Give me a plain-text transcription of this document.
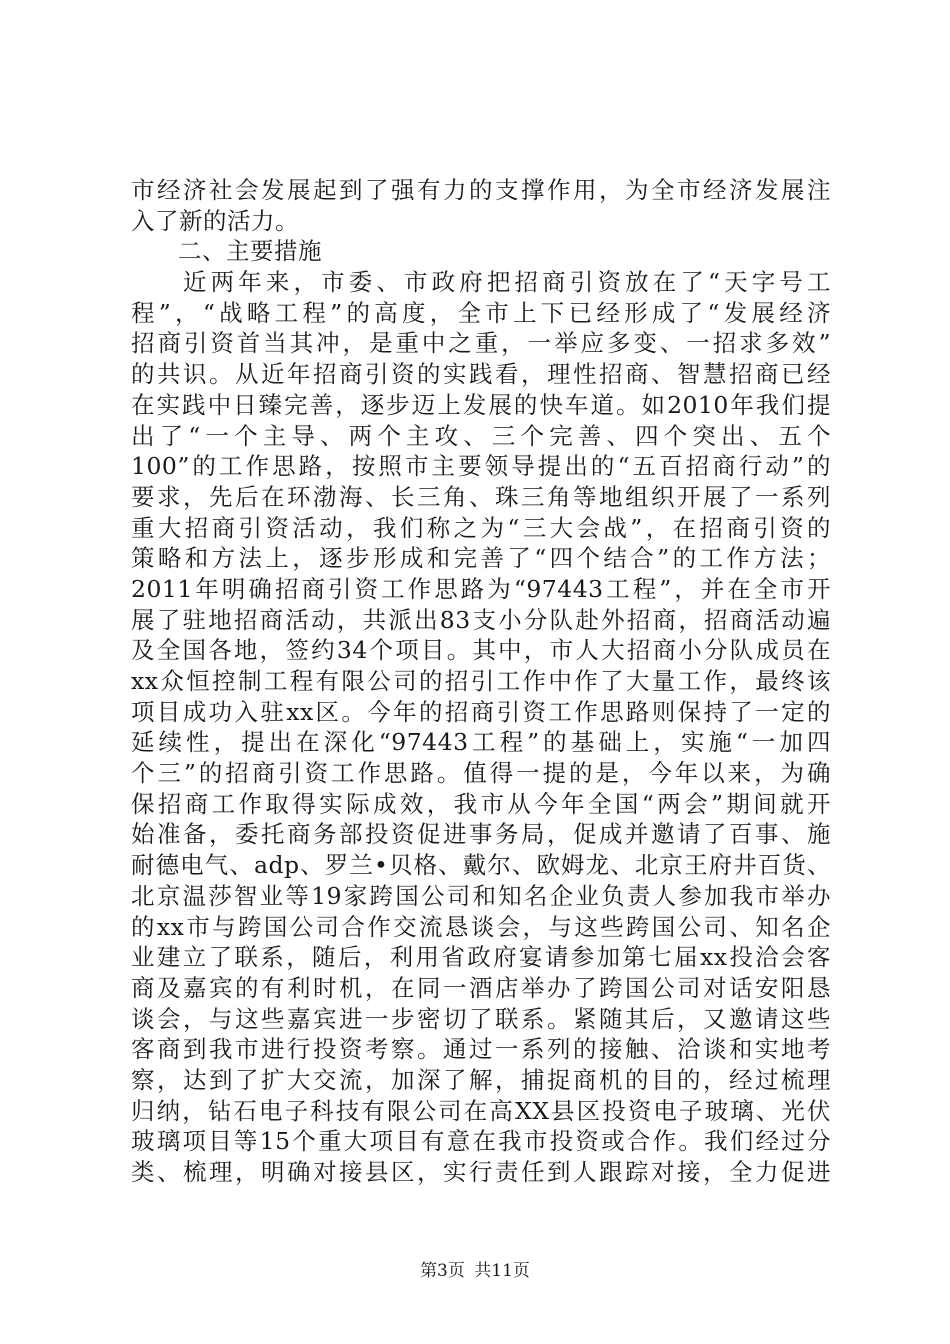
市经济社会发展起到了强有力的支撑作用，为全市经济发展注
入了新的活力。
二、主要措施
近两年来，市委、市政府把招商引资放在了“天字号工
程”，“战略工程”的高度，全市上下已经形成了“发展经济
招商引资首当其冲，是重中之重，一举应多变、一招求多效”
的共识。从近年招商引资的实践看，理性招商、智慧招商已经
在实践中日臻完善，逐步迈上发展的快车道。如2010年我们提
出了“一个主导、两个主攻、三个完善、四个突出、五个
100”的工作思路，按照市主要领导提出的“五百招商行动”的
要求，先后在环渤海、长三角、珠三角等地组织开展了一系列
重大招商引资活动，我们称之为“三大会战”，在招商引资的
策略和方法上，逐步形成和完善了“四个结合”的工作方法；
2011年明确招商引资工作思路为“97443工程”，并在全市开
展了驻地招商活动，共派出83支小分队赴外招商，招商活动遍
及全国各地，签约34个项目。其中，市人大招商小分队成员在
xx众恒控制工程有限公司的招引工作中作了大量工作，最终该
项目成功入驻xx区。今年的招商引资工作思路则保持了一定的
延续性，提出在深化“97443工程”的基础上，实施“一加四
个三”的招商引资工作思路。值得一提的是，今年以来，为确
保招商工作取得实际成效，我市从今年全国“两会”期间就开
始准备，委托商务部投资促进事务局，促成并邀请了百事、施
耐德电气、adp、罗兰•贝格、戴尔、欧姆龙、北京王府井百货、
北京温莎智业等19家跨国公司和知名企业负责人参加我市举办
的xx市与跨国公司合作交流恳谈会，与这些跨国公司、知名企
业建立了联系，随后，利用省政府宴请参加第七届xx投洽会客
商及嘉宾的有利时机，在同一酒店举办了跨国公司对话安阳恳
谈会，与这些嘉宾进一步密切了联系。紧随其后，又邀请这些
客商到我市进行投资考察。通过一系列的接触、洽谈和实地考
察，达到了扩大交流，加深了解，捕捉商机的目的，经过梳理
归纳，钻石电子科技有限公司在高XX县区投资电子玻璃、光伏
玻璃项目等15个重大项目有意在我市投资或合作。我们经过分
类、梳理，明确对接县区，实行责任到人跟踪对接，全力促进
第3页 共11页
